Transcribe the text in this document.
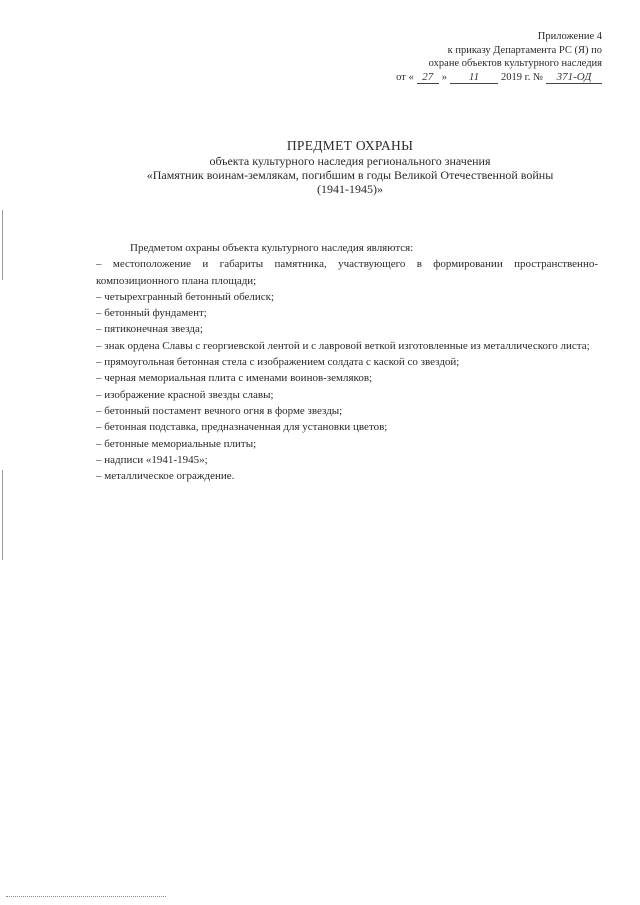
Приложение 4
к приказу Департамента РС (Я) по
охране объектов культурного наследия
от « 27 »	11	2019 г. №	371-ОД
ПРЕДМЕТ ОХРАНЫ
объекта культурного наследия регионального значения
«Памятник воинам-землякам, погибшим в годы Великой Отечественной войны
(1941-1945)»

Предметом охраны объекта культурного наследия являются:

– местоположение и габариты памятника, участвующего в формировании пространственно-композиционного плана площади;

– четырехгранный бетонный обелиск;

– бетонный фундамент;

– пятиконечная звезда;

– знак ордена Славы с георгиевской лентой и с лавровой веткой изготовленные из металлического листа;

– прямоугольная бетонная стела с изображением солдата с каской со звездой;

– черная мемориальная плита с именами воинов-земляков;

– изображение красной звезды славы;

– бетонный постамент вечного огня в форме звезды;

– бетонная подставка, предназначенная для установки цветов;

– бетонные мемориальные плиты;

– надписи «1941-1945»;

– металлическое ограждение.
